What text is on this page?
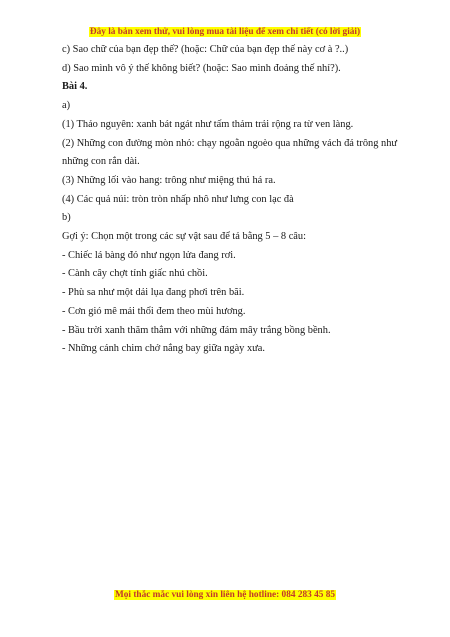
Đây là bản xem thử, vui lòng mua tài liệu để xem chi tiết (có lời giải)
c) Sao chữ của bạn đẹp thế? (hoặc: Chữ của bạn đẹp thế này cơ à ?..)
d) Sao mình vô ý thế không biết? (hoặc: Sao mình đoảng thế nhỉ?).
Bài 4.
a)
(1) Thảo nguyên: xanh bát ngát như tấm thảm trải rộng ra từ ven làng.
(2) Những con đường mòn nhỏ: chạy ngoằn ngoèo qua những vách đá trông như những con rắn dài.
(3) Những lối vào hang: trông như miệng thú há ra.
(4) Các quả núi: tròn tròn nhấp nhô như lưng con lạc đà
b)
Gợi ý: Chọn một trong các sự vật sau để tả bằng 5 – 8 câu:
- Chiếc lá bàng đỏ như ngọn lửa đang rơi.
- Cành cây chợt tỉnh giấc nhú chồi.
- Phù sa như một dải lụa đang phơi trên bãi.
- Cơn gió mê mải thổi đem theo mùi hương.
- Bầu trời xanh thăm thẳm với những đám mây trắng bồng bềnh.
- Những cánh chim chở nắng bay giữa ngày xưa.
Mọi thắc mắc vui lòng xin liên hệ hotline: 084 283 45 85
